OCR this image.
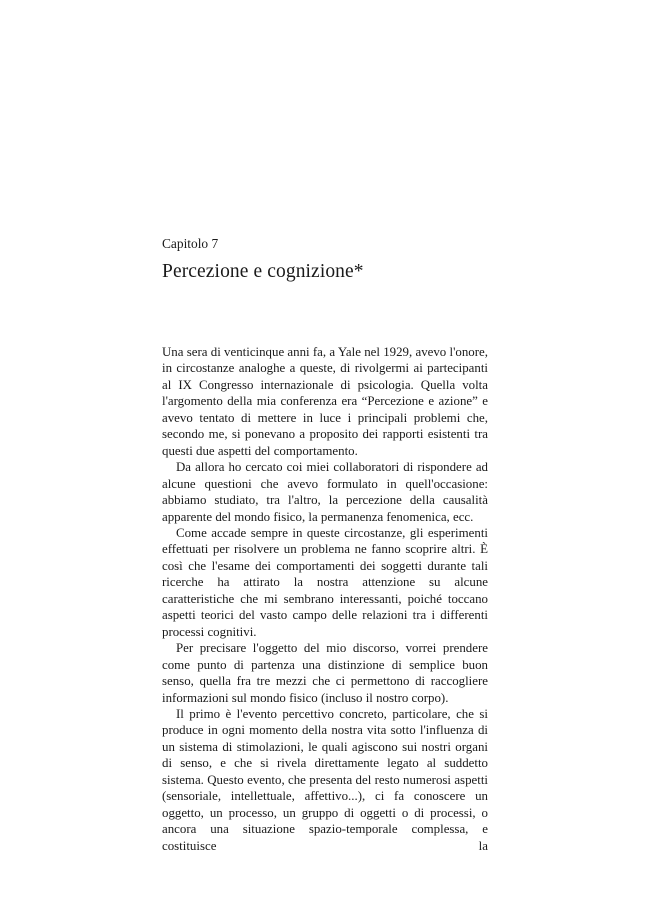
Capitolo 7
Percezione e cognizione*

Una sera di venticinque anni fa, a Yale nel 1929, avevo l'onore, in circostanze analoghe a queste, di rivolgermi ai partecipanti al IX Congresso internazionale di psicologia. Quella volta l'argomento della mia conferenza era “Percezione e azione” e avevo tentato di mettere in luce i principali problemi che, secondo me, si ponevano a proposito dei rapporti esistenti tra questi due aspetti del comportamento.

Da allora ho cercato coi miei collaboratori di rispondere ad alcune questioni che avevo formulato in quell'occasione: abbiamo studiato, tra l'altro, la percezione della causalità apparente del mondo fisico, la permanenza fenomenica, ecc.

Come accade sempre in queste circostanze, gli esperimenti effettuati per risolvere un problema ne fanno scoprire altri. È così che l'esame dei comportamenti dei soggetti durante tali ricerche ha attirato la nostra attenzione su alcune caratteristiche che mi sembrano interessanti, poiché toccano aspetti teorici del vasto campo delle relazioni tra i differenti processi cognitivi.

Per precisare l'oggetto del mio discorso, vorrei prendere come punto di partenza una distinzione di semplice buon senso, quella fra tre mezzi che ci permettono di raccogliere informazioni sul mondo fisico (incluso il nostro corpo).

Il primo è l'evento percettivo concreto, particolare, che si produce in ogni momento della nostra vita sotto l'influenza di un sistema di stimolazioni, le quali agiscono sui nostri organi di senso, e che si rivela direttamente legato al suddetto sistema. Questo evento, che presenta del resto numerosi aspetti (sensoriale, intellettuale, affettivo...), ci fa conoscere un oggetto, un processo, un gruppo di oggetti o di processi, o ancora una situazione spazio-temporale complessa, e costituisce la
